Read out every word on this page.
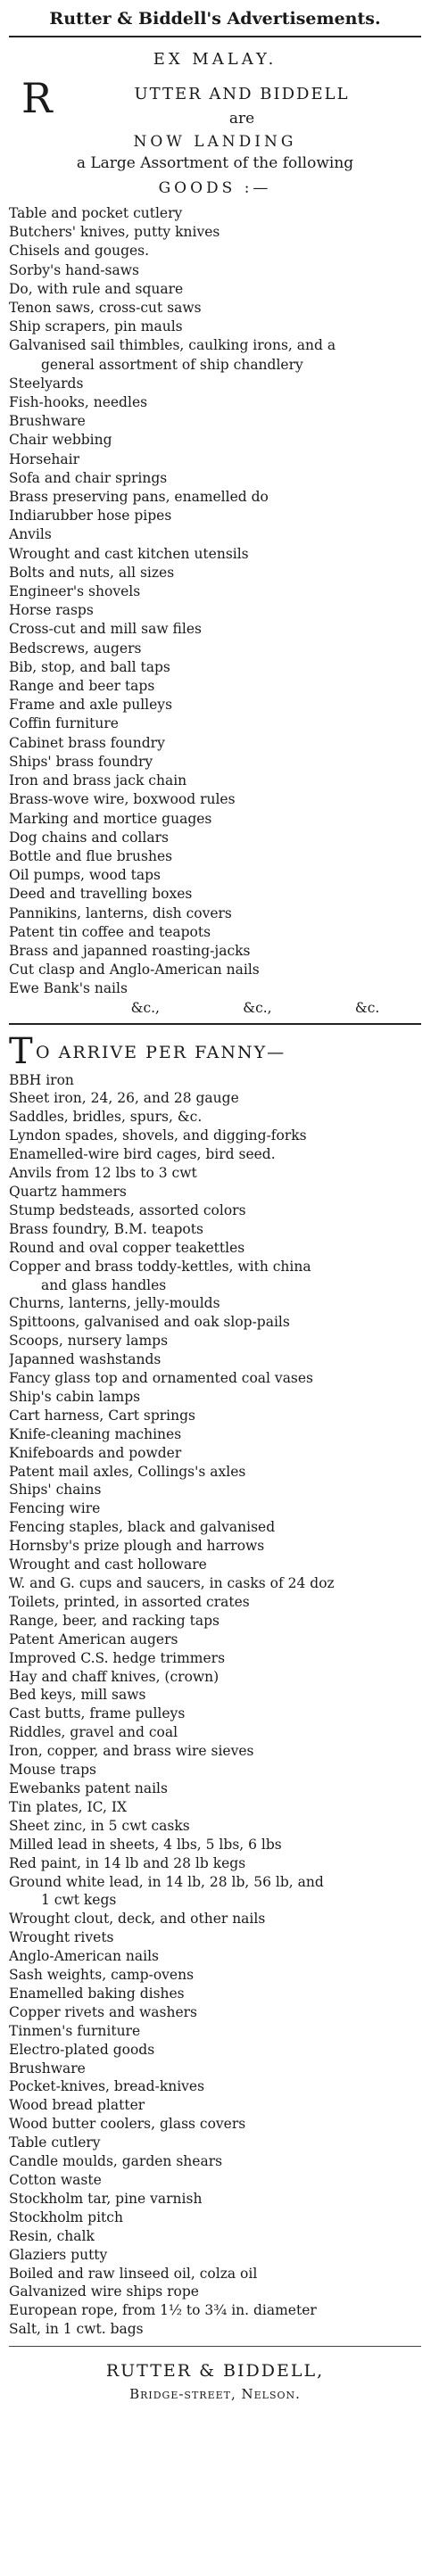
Rutter & Biddell's Advertisements.
EX MALAY.
R	UTTER AND BIDDELL
are
NOW LANDING
a Large Assortment of the following
GOODS :—
Table and pocket cutlery
Butchers' knives, putty knives
Chisels and gouges.
Sorby's hand-saws
Do, with rule and square
Tenon saws, cross-cut saws
Ship scrapers, pin mauls
Galvanised sail thimbles, caulking irons, and a
general assortment of ship chandlery
Steelyards
Fish-hooks, needles
Brushware
Chair webbing
Horsehair
Sofa and chair springs
Brass preserving pans, enamelled do
Indiarubber hose pipes
Anvils
Wrought and cast kitchen utensils
Bolts and nuts, all sizes
Engineer's shovels
Horse rasps
Cross-cut and mill saw files
Bedscrews, augers
Bib, stop, and ball taps
Range and beer taps
Frame and axle pulleys
Coffin furniture
Cabinet brass foundry
Ships' brass foundry
Iron and brass jack chain
Brass-wove wire, boxwood rules
Marking and mortice guages
Dog chains and collars
Bottle and flue brushes
Oil pumps, wood taps
Deed and travelling boxes
Pannikins, lanterns, dish covers
Patent tin coffee and teapots
Brass and japanned roasting-jacks
Cut clasp and Anglo-American nails
Ewe Bank's nails
&c.,	&c.,	&c.
T O ARRIVE PER FANNY—
BBH iron
Sheet iron, 24, 26, and 28 gauge
Saddles, bridles, spurs, &c.
Lyndon spades, shovels, and digging-forks
Enamelled-wire bird cages, bird seed.
Anvils from 12 lbs to 3 cwt
Quartz hammers
Stump bedsteads, assorted colors
Brass foundry, B.M. teapots
Round and oval copper teakettles
Copper and brass toddy-kettles, with china
and glass handles
Churns, lanterns, jelly-moulds
Spittoons, galvanised and oak slop-pails
Scoops, nursery lamps
Japanned washstands
Fancy glass top and ornamented coal vases
Ship's cabin lamps
Cart harness, Cart springs
Knife-cleaning machines
Knifeboards and powder
Patent mail axles, Collings's axles
Ships' chains
Fencing wire
Fencing staples, black and galvanised
Hornsby's prize plough and harrows
Wrought and cast holloware
W. and G. cups and saucers, in casks of 24 doz
Toilets, printed, in assorted crates
Range, beer, and racking taps
Patent American augers
Improved C.S. hedge trimmers
Hay and chaff knives, (crown)
Bed keys, mill saws
Cast butts, frame pulleys
Riddles, gravel and coal
Iron, copper, and brass wire sieves
Mouse traps
Ewebanks patent nails
Tin plates, IC, IX
Sheet zinc, in 5 cwt casks
Milled lead in sheets, 4 lbs, 5 lbs, 6 lbs
Red paint, in 14 lb and 28 lb kegs
Ground white lead, in 14 lb, 28 lb, 56 lb, and
1 cwt kegs
Wrought clout, deck, and other nails
Wrought rivets
Anglo-American nails
Sash weights, camp-ovens
Enamelled baking dishes
Copper rivets and washers
Tinmen's furniture
Electro-plated goods
Brushware
Pocket-knives, bread-knives
Wood bread platter
Wood butter coolers, glass covers
Table cutlery
Candle moulds, garden shears
Cotton waste
Stockholm tar, pine varnish
Stockholm pitch
Resin, chalk
Glaziers putty
Boiled and raw linseed oil, colza oil
Galvanized wire ships rope
European rope, from 1½ to 3¾ in. diameter
Salt, in 1 cwt. bags
RUTTER & BIDDELL,
Bridge-street, Nelson.
